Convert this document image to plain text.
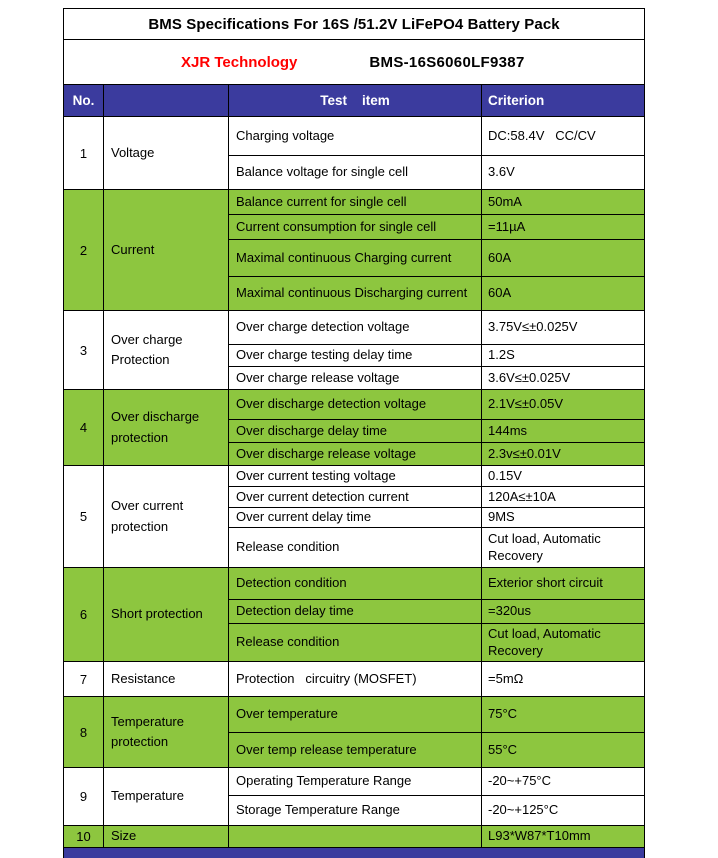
BMS Specifications For 16S /51.2V LiFePO4 Battery Pack			

XJR Technology BMS-16S6060LF9387			

No.		Test    item	Criterion
1	Voltage	Charging voltage	DC:58.4V   CC/CV
		Balance voltage for single cell	3.6V
2	Current	Balance current for single cell	50mA
		Current consumption for single cell	=11µA
		Maximal continuous Charging current	60A
		Maximal continuous Discharging current	60A
3	Over charge Protection	Over charge detection voltage	3.75V≤±0.025V
		Over charge testing delay time	1.2S
		Over charge release voltage	3.6V≤±0.025V
4	Over discharge protection	Over discharge detection voltage	2.1V≤±0.05V
		Over discharge delay time	144ms
		Over discharge release voltage	2.3v≤±0.01V
5	Over current protection	Over current testing voltage	0.15V
		Over current detection current	120A≤±10A
		Over current delay time	9MS
		Release condition	Cut load, Automatic Recovery
6	Short protection	Detection condition	Exterior short circuit
		Detection delay time	=320us
		Release condition	Cut load, Automatic Recovery
7	Resistance	Protection   circuitry (MOSFET)	=5mΩ
8	Temperature protection	Over temperature	75°C
		Over temp release temperature	55°C
9	Temperature	Operating Temperature Range	-20~+75°C
		Storage Temperature Range	-20~+125°C
10	Size		L93*W87*T10mm
